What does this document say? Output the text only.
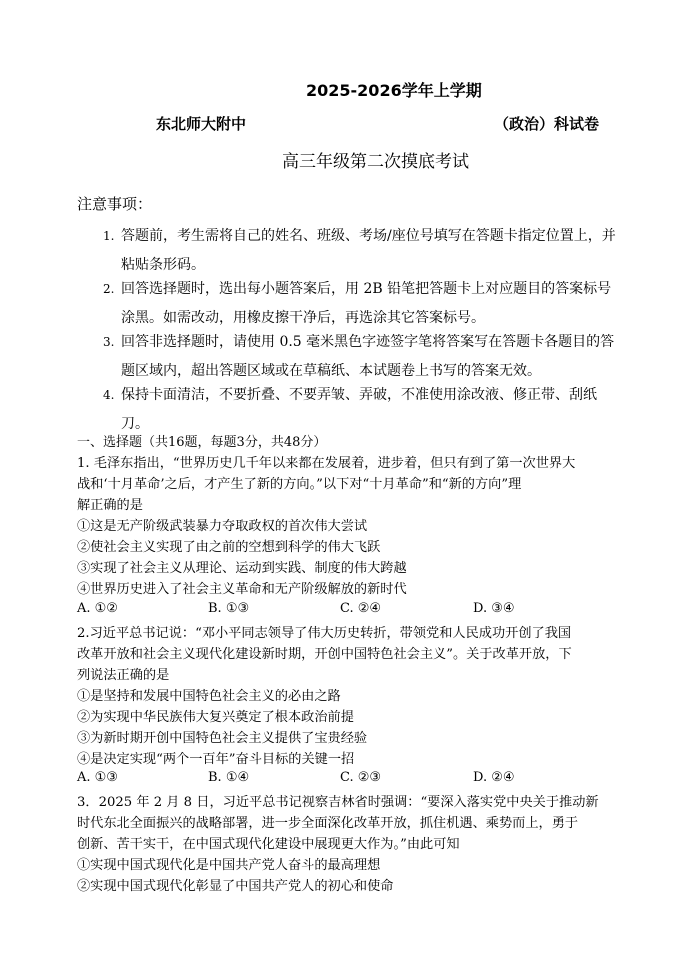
2025-2026学年上学期
东北师大附中	（政治）科试卷
高三年级第二次摸底考试
注意事项：
1. 答题前，考生需将自己的姓名、班级、考场/座位号填写在答题卡指定位置上，并
粘贴条形码。
2. 回答选择题时，选出每小题答案后，用 2B 铅笔把答题卡上对应题目的答案标号
涂黑。如需改动，用橡皮擦干净后，再选涂其它答案标号。
3. 回答非选择题时，请使用 0.5 毫米黑色字迹签字笔将答案写在答题卡各题目的答
题区域内，超出答题区域或在草稿纸、本试题卷上书写的答案无效。
4. 保持卡面清洁，不要折叠、不要弄皱、弄破，不准使用涂改液、修正带、刮纸刀。
一、选择题（共16题，每题3分，共48分）
1. 毛泽东指出，“世界历史几千年以来都在发展着，进步着，但只有到了第一次世界大
战和‘十月革命’之后，才产生了新的方向。”以下对“十月革命”和“新的方向”理
解正确的是
①这是无产阶级武装暴力夺取政权的首次伟大尝试
②使社会主义实现了由之前的空想到科学的伟大飞跃
③实现了社会主义从理论、运动到实践、制度的伟大跨越
④世界历史进入了社会主义革命和无产阶级解放的新时代
A. ①②	B. ①③	C. ②④	D. ③④
2.习近平总书记说：“邓小平同志领导了伟大历史转折，带领党和人民成功开创了我国
改革开放和社会主义现代化建设新时期，开创中国特色社会主义”。关于改革开放，下
列说法正确的是
①是坚持和发展中国特色社会主义的必由之路
②为实现中华民族伟大复兴奠定了根本政治前提
③为新时期开创中国特色社会主义提供了宝贵经验
④是决定实现“两个一百年”奋斗目标的关键一招
A. ①③	B. ①④	C. ②③	D. ②④
3．2025 年 2 月 8 日，习近平总书记视察吉林省时强调：“要深入落实党中央关于推动新
时代东北全面振兴的战略部署，进一步全面深化改革开放，抓住机遇、乘势而上，勇于
创新、苦干实干，在中国式现代化建设中展现更大作为。”由此可知
①实现中国式现代化是中国共产党人奋斗的最高理想
②实现中国式现代化彰显了中国共产党人的初心和使命
